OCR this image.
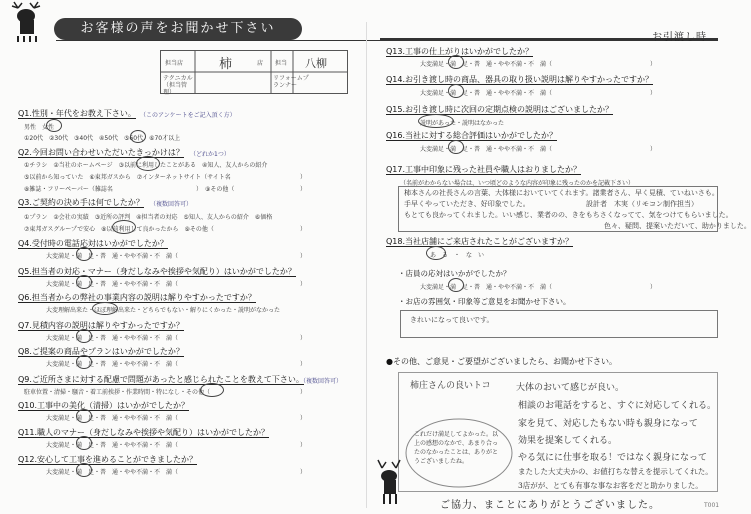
お客様の声をお聞かせ下さい
担当店	柿	店 担当 八柳
テクニカル（担当管理）
リフォームプランナー
Q1.性別・年代をお教え下さい。 （このアンケートをご記入頂く方）
男性　女性
①20代　②30代　③40代　④50代　⑤60代　⑥70才以上
Q2.今回お問い合わせいただいたきっかけは？ （どれか1つ）
①チラシ　②当社のホームページ　③以前に利用したことがある　④知人、友人からの紹介
⑤以前から知っていた　⑥東邦ガスから　⑦インターネットサイト（サイト名	）
⑧雑誌・フリーペーパー（雑誌名	）　⑨その他（	）
Q3.ご契約の決め手は何でしたか？ （複数回答可）
①プラン　②会社の実績　③近所の評判　④担当者の対応　⑤知人、友人からの紹介　⑥価格
⑦東邦ガスグループで安心　⑧以前利用して良かったから　⑨その他（	）
Q4.受付時の電話応対はいかがでしたか？
大変満足・満　足・普　通・やや不満・不　満（	）
Q5.担当者の対応・マナー（身だしなみや挨拶や気配り）はいかがでしたか？
大変満足・満　足・普　通・やや不満・不　満（	）
Q6.担当者からの弊社の事業内容の説明は解りやすかったですか？
大変理解出来た・ほぼ理解出来た・どちらでもない・解りにくかった・説明がなかった
Q7.見積内容の説明は解りやすかったですか？
大変満足・満　足・普　通・やや不満・不　満（	）
Q8.ご提案の商品やプランはいかがでしたか？
大変満足・満　足・普　通・やや不満・不　満（	）
Q9.ご近所さまに対する配慮で問題があったと感じられたことを教えて下さい。
（複数回答可）
駐車位置・清掃・騒音・着工前挨拶・作業時間・特になし・その他（	）
Q10.工事中の美化（清掃）はいかがでしたか？
大変満足・満　足・普　通・やや不満・不　満（	）
Q11.職人のマナー（身だしなみや挨拶や気配り）はいかがでしたか？
大変満足・満　足・普　通・やや不満・不　満（	）
Q12.安心して工事を進めることができましたか？
大変満足・満　足・普　通・やや不満・不　満（	）
Q13.工事の仕上がりはいかがでしたか？
大変満足・満　足・普　通・やや不満・不　満（	）
Q14.お引き渡し時の商品、器具の取り扱い説明は解りやすかったですか？
大変満足・満　足・普　通・やや不満・不　満（	）
Q15.お引き渡し時に次回の定期点検の説明はございましたか？
説明があった・説明はなかった
Q16.当社に対する総合評価はいかがでしたか？
大変満足・満　足・普　通・やや不満・不　満（	）
Q17.工事中印象に残った社員や職人はおりましたか？
（名前がわからない場合は、いつ頃どのような内容が印象に残ったのかを記載下さい）
柿本さんの社長さんの言葉、大体様においていてくれます。諸業者さん、早く見積、ていねいさも。
手早くやっていただき、好印象でした。	設計者　木実（リモコン制作担当）
もとても良かってくれました。いい感じ、業者のの、きをもちさくなってて、気をつけてもらいました。
色々、疑問、提案いただいて、助かりました。
Q18.当社店舗にご来店されたことがございますか？
あ　る　・　な　い
・店員の応対はいかがでしたか？
大変満足・満　足・普　通・やや不満・不　満（	）
・お店の雰囲気・印象等ご意見をお聞かせ下さい。
きれいになって良いです。
●その他、ご意見・ご要望がございましたら、お聞かせ下さい。
柿庄さんの良いトコ	大体のおいて感じが良い。
相談のお電話をすると、すぐに対応してくれる。
家を見て、対応したもない時も親身になって
効果を提案してくれる。
やる気にに仕事を取る！ではなく親身になって
またした大丈夫かの、お値打ちな替えを提示してくれた。
3店がが、とても有事な事なお客をだと助かりました。
これだけ満足してよかった。以上の感想のなかで、あまり合ったのなかったことは、ありがとうございましたね。
ご協力、まことにありがとうございました。	T001
